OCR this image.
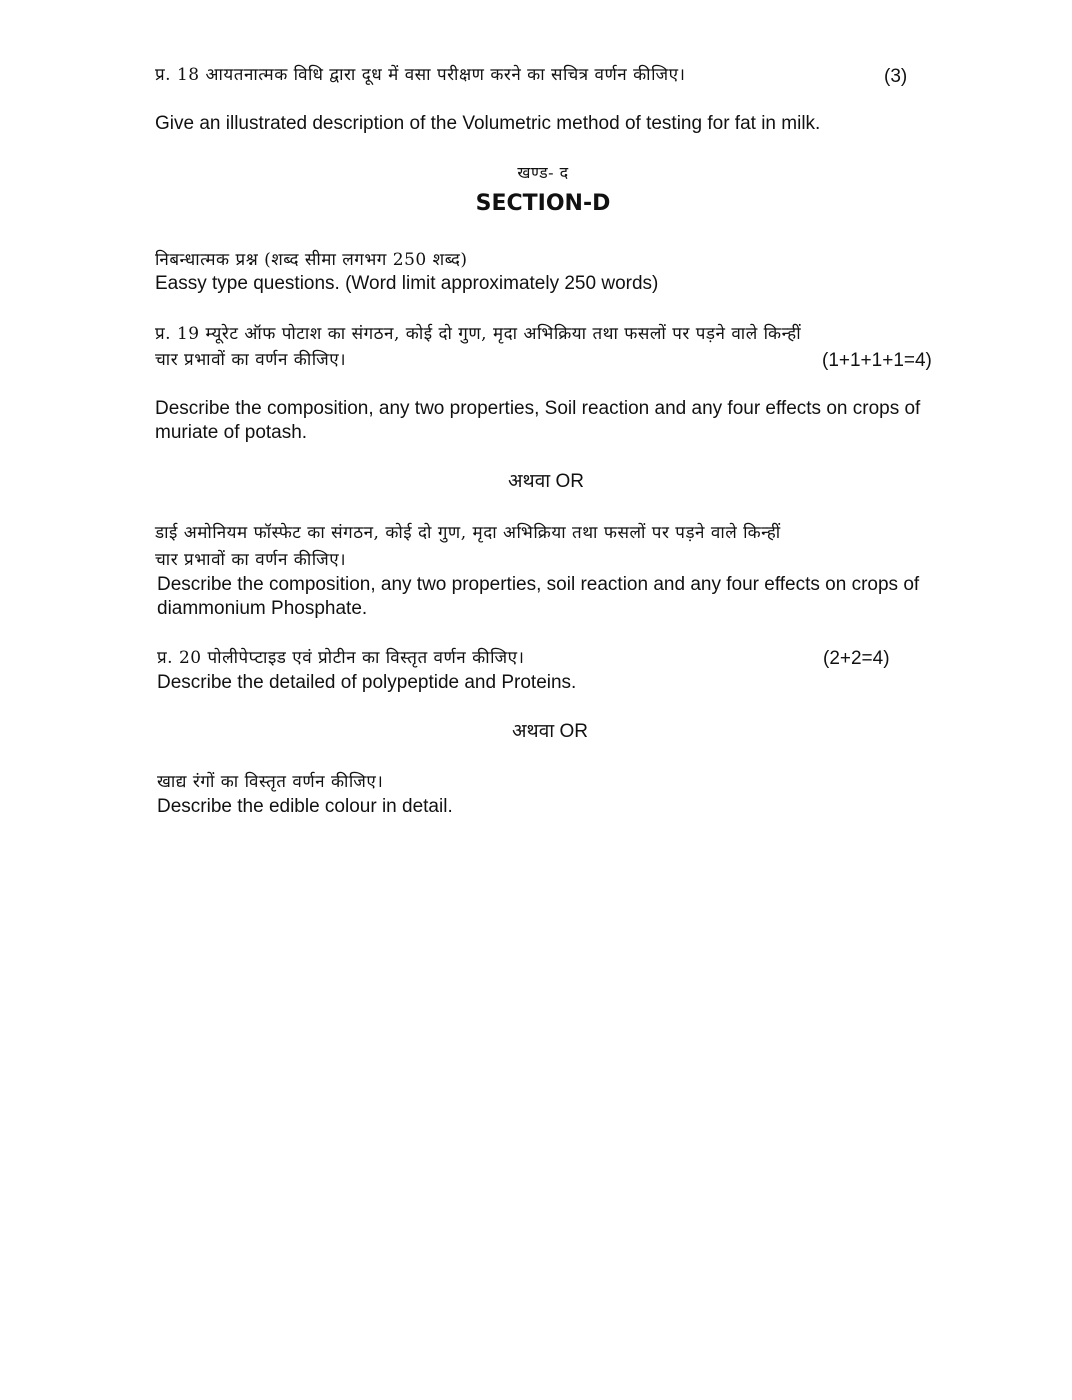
प्र. 18 आयतनात्मक विधि द्वारा दूध में वसा परीक्षण करने का सचित्र वर्णन कीजिए।	(3)
Give an illustrated description of the Volumetric method of testing for fat in milk.
खण्ड- द
SECTION-D
निबन्धात्मक प्रश्न (शब्द सीमा लगभग 250 शब्द)
Eassy type questions. (Word limit approximately 250 words)
प्र. 19 म्यूरेट ऑफ पोटाश का संगठन, कोई दो गुण, मृदा अभिक्रिया तथा फसलों पर पड़ने वाले किन्हीं
चार प्रभावों का वर्णन कीजिए।	(1+1+1+1=4)
Describe the composition, any two properties, Soil reaction and any four effects on crops of muriate of potash.
अथवा OR
डाई अमोनियम फॉस्फेट का संगठन, कोई दो गुण, मृदा अभिक्रिया तथा फसलों पर पड़ने वाले किन्हीं
चार प्रभावों का वर्णन कीजिए।
Describe the composition, any two properties, soil reaction and any four effects on crops of diammonium Phosphate.
प्र. 20 पोलीपेप्टाइड एवं प्रोटीन का विस्तृत वर्णन कीजिए।	(2+2=4)
Describe the detailed of polypeptide and Proteins.
अथवा OR
खाद्य रंगों का विस्तृत वर्णन कीजिए।
Describe the edible colour in detail.
